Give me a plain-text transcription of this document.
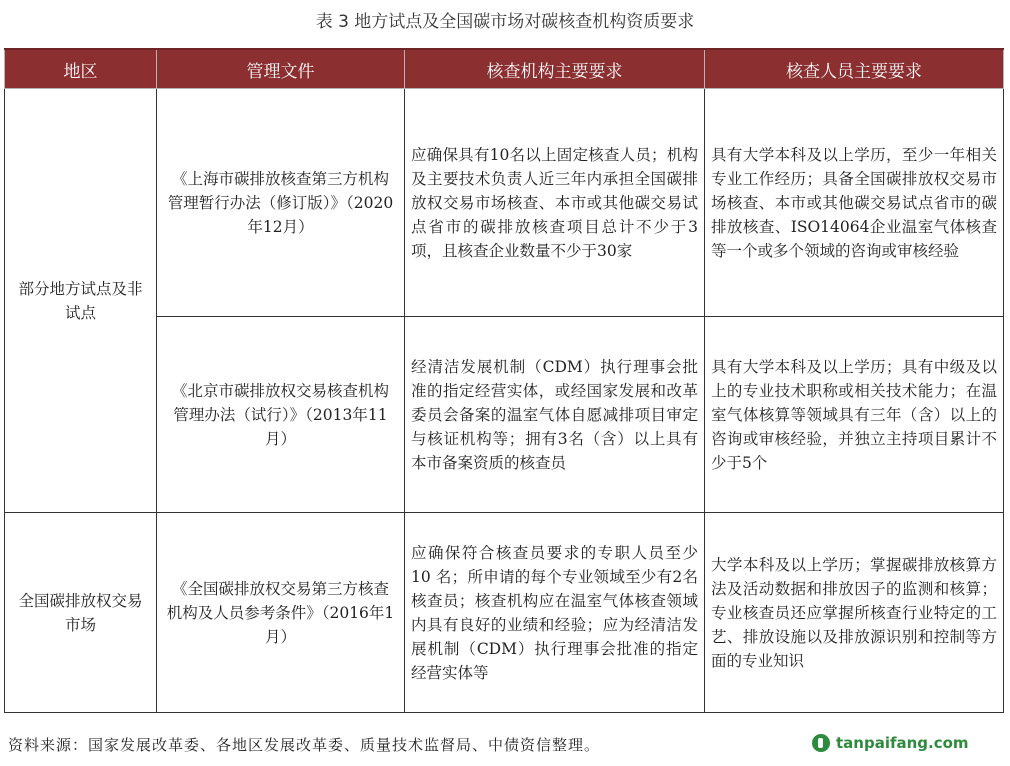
表 3 地方试点及全国碳市场对碳核查机构资质要求
地区	管理文件	核查机构主要要求	核查人员主要要求
部分地方试点及非试点	《上海市碳排放核查第三方机构管理暂行办法（修订版）》（2020年12月）	应确保具有10名以上固定核查人员；机构及主要技术负责人近三年内承担全国碳排放权交易市场核查、本市或其他碳交易试点省市的碳排放核查项目总计不少于3项，且核查企业数量不少于30家	具有大学本科及以上学历，至少一年相关专业工作经历；具备全国碳排放权交易市场核查、本市或其他碳交易试点省市的碳排放核查、ISO14064企业温室气体核查等一个或多个领域的咨询或审核经验
	《北京市碳排放权交易核查机构管理办法（试行）》（2013年11月）	经清洁发展机制（CDM）执行理事会批准的指定经营实体，或经国家发展和改革委员会备案的温室气体自愿减排项目审定与核证机构等；拥有3名（含）以上具有本市备案资质的核查员	具有大学本科及以上学历；具有中级及以上的专业技术职称或相关技术能力；在温室气体核算等领域具有三年（含）以上的咨询或审核经验，并独立主持项目累计不少于5个
全国碳排放权交易市场	《全国碳排放权交易第三方核查机构及人员参考条件》（2016年1月）	应确保符合核查员要求的专职人员至少 10 名；所申请的每个专业领域至少有2名核查员；核查机构应在温室气体核查领域内具有良好的业绩和经验；应为经清洁发展机制（CDM）执行理事会批准的指定经营实体等	大学本科及以上学历；掌握碳排放核算方法及活动数据和排放因子的监测和核算；专业核查员还应掌握所核查行业特定的工艺、排放设施以及排放源识别和控制等方面的专业知识
资料来源：国家发展改革委、各地区发展改革委、质量技术监督局、中债资信整理。	tanpaifang.com
